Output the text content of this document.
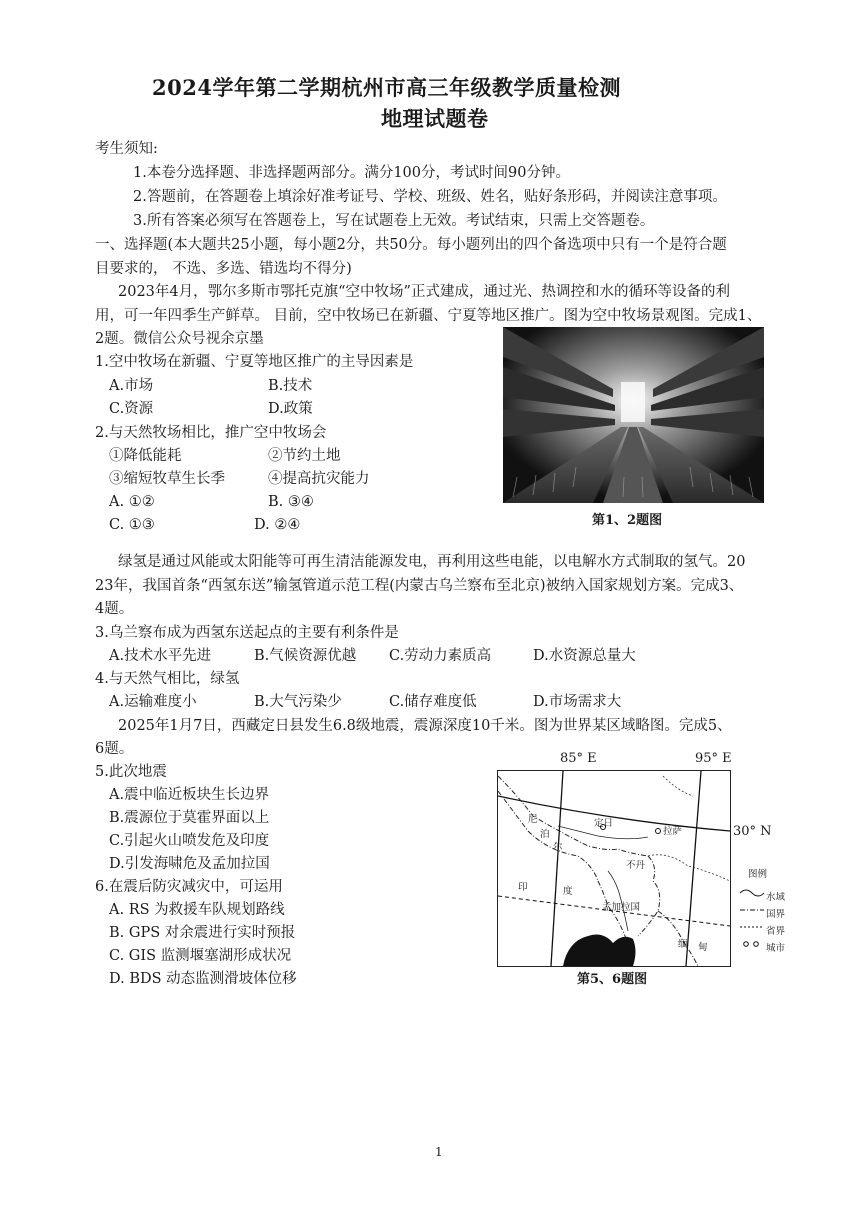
2024学年第二学期杭州市高三年级教学质量检测
地理试题卷
考生须知:
1.本卷分选择题、非选择题两部分。满分100分，考试时间90分钟。
2.答题前，在答题卷上填涂好准考证号、学校、班级、姓名，贴好条形码，并阅读注意事项。
3.所有答案必须写在答题卷上，写在试题卷上无效。考试结束，只需上交答题卷。
一、选择题(本大题共25小题，每小题2分，共50分。每小题列出的四个备选项中只有一个是符合题
目要求的， 不选、多选、错选均不得分)
2023年4月，鄂尔多斯市鄂托克旗“空中牧场”正式建成，通过光、热调控和水的循环等设备的利
用，可一年四季生产鲜草。 目前，空中牧场已在新疆、宁夏等地区推广。图为空中牧场景观图。完成1、
2题。微信公众号视余京墨
1.空中牧场在新疆、宁夏等地区推广的主导因素是
A.市场	B.技术
C.资源	D.政策
2.与天然牧场相比，推广空中牧场会
①降低能耗	②节约土地
③缩短牧草生长季	④提高抗灾能力
A. ①②	B. ③④
C. ①③	D. ②④	第1、2题图
绿氢是通过风能或太阳能等可再生清洁能源发电，再利用这些电能，以电解水方式制取的氢气。20
23年，我国首条“西氢东送”输氢管道示范工程(内蒙古乌兰察布至北京)被纳入国家规划方案。完成3、
4题。
3.乌兰察布成为西氢东送起点的主要有利条件是
A.技术水平先进	B.气候资源优越 C.劳动力素质高	D.水资源总量大
4.与天然气相比，绿氢
A.运输难度小	B.大气污染少	C.储存难度低	D.市场需求大
2025年1月7日，西藏定日县发生6.8级地震，震源深度10千米。图为世界某区域略图。完成5、
6题。
5.此次地震
A.震中临近板块生长边界
B.震源位于莫霍界面以上
C.引起火山喷发危及印度
D.引发海啸危及孟加拉国
6.在震后防灾减灾中，可运用
A. RS 为救援车队规划路线
B. GPS 对余震进行实时预报
C. GIS 监测堰塞湖形成状况
D. BDS 动态监测滑坡体位移
85° E	95° E
30° N
尼
泊
尔
定日
拉萨
不丹
印	度
孟加拉国
缅 甸
图例
水域
国界
省界
城市
第5、6题图
1
